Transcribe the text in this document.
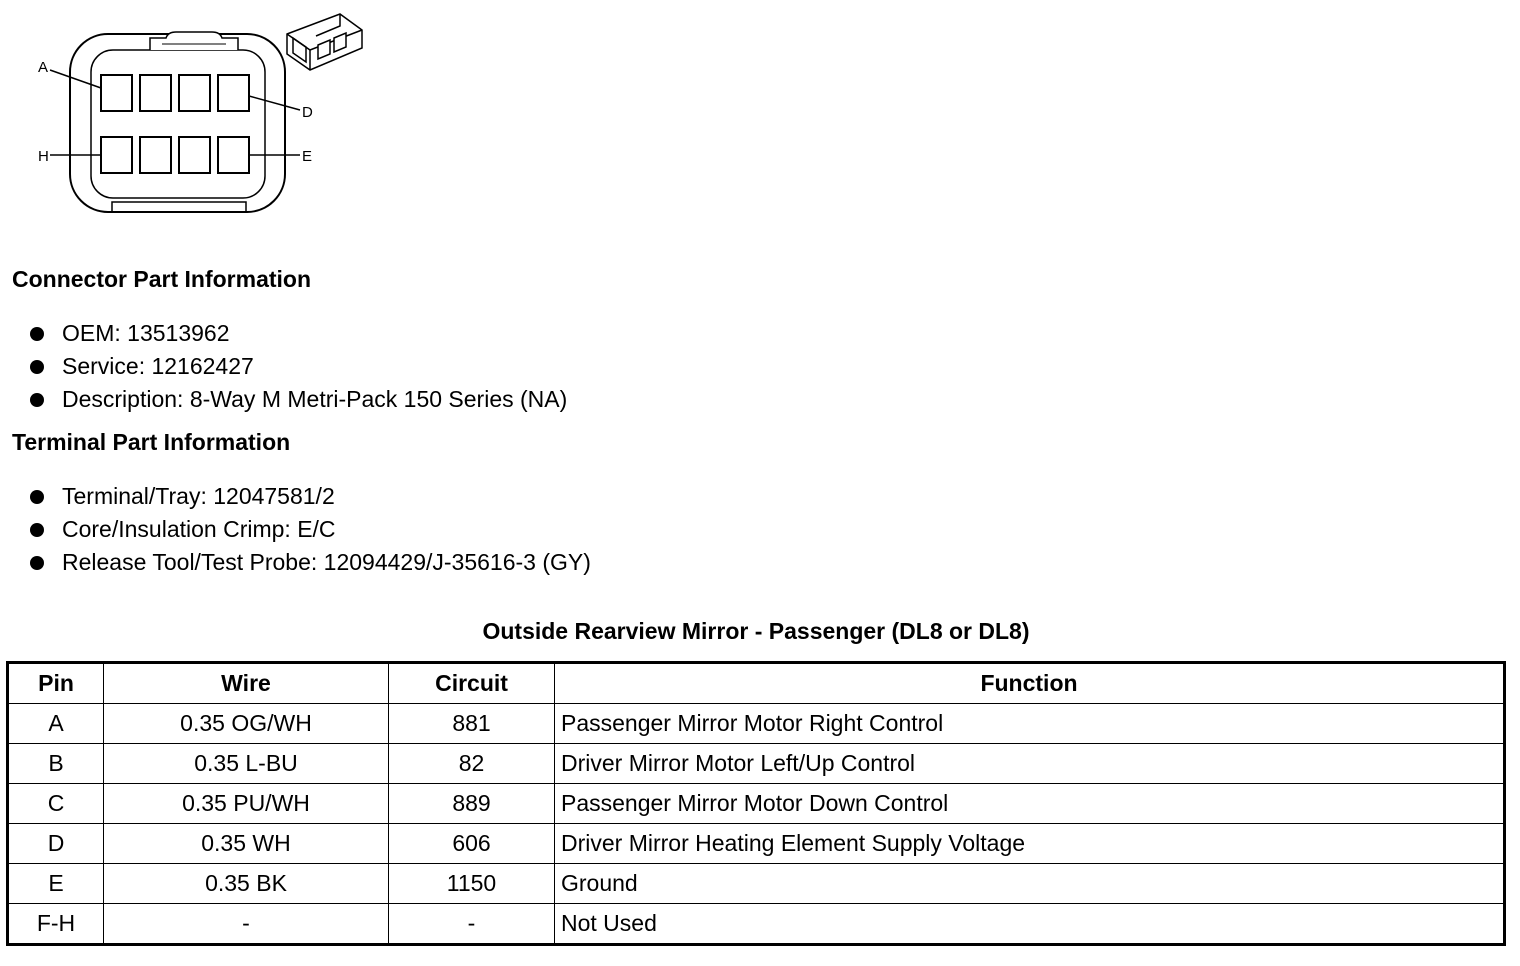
A
D
H	E
Connector Part Information
OEM: 13513962
Service: 12162427
Description: 8-Way M Metri-Pack 150 Series (NA)
Terminal Part Information
Terminal/Tray: 12047581/2
Core/Insulation Crimp: E/C
Release Tool/Test Probe: 12094429/J-35616-3 (GY)
Outside Rearview Mirror - Passenger (DL8 or DL8)
Pin	Wire	Circuit	Function
A	0.35 OG/WH	881	Passenger Mirror Motor Right Control
B	0.35 L-BU	82	Driver Mirror Motor Left/Up Control
C	0.35 PU/WH	889	Passenger Mirror Motor Down Control
D	0.35 WH	606	Driver Mirror Heating Element Supply Voltage
E	0.35 BK	1150	Ground
F-H	-	-	Not Used
